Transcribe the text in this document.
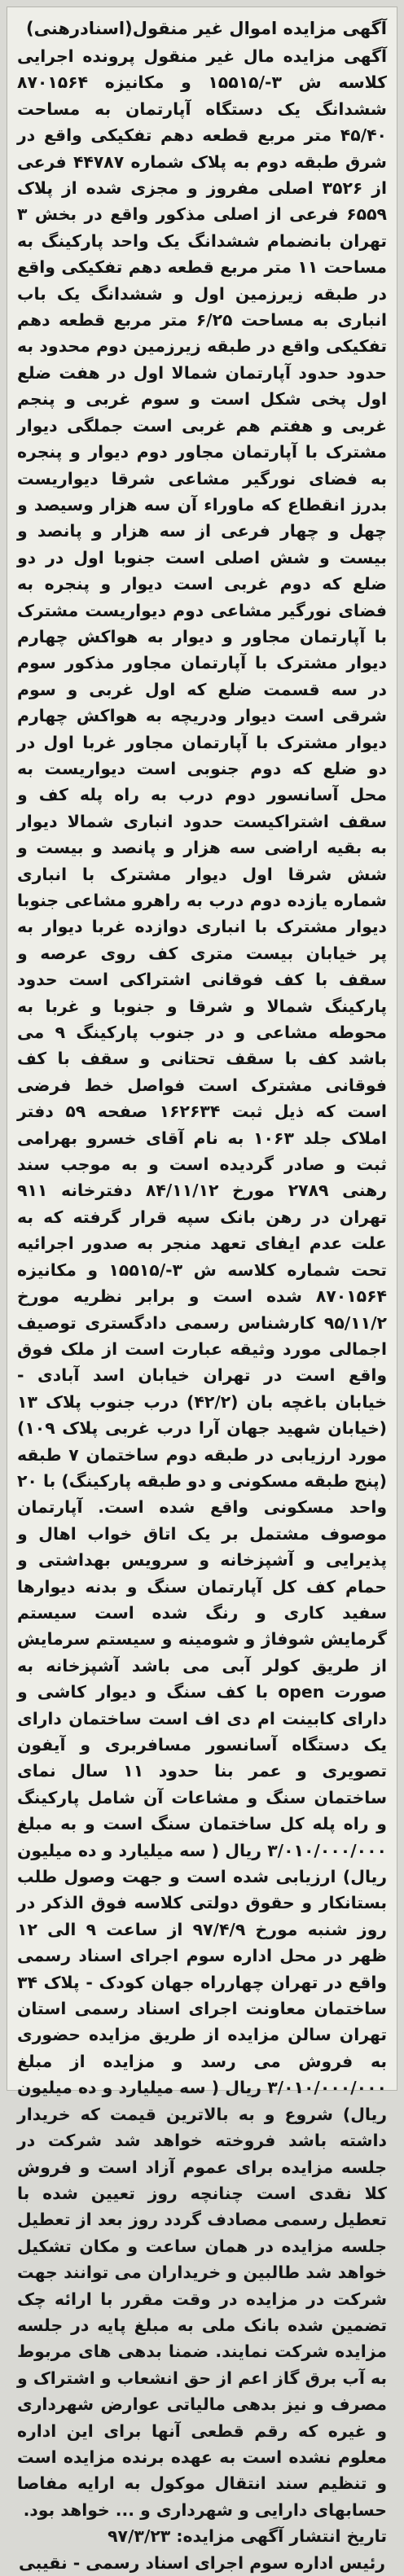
آگهی مزایده اموال غیر منقول(اسنادرهنی)

آگهی مزایده مال غیر منقول پرونده اجرایی کلاسه ش ۳-/۱۵۵۱۵ و مکانیزه ۸۷۰۱۵۶۴ ششدانگ یک دستگاه آپارتمان به مساحت ۴۵/۴۰ متر مربع قطعه دهم تفکیکی واقع در شرق طبقه دوم به پلاک شماره ۴۴۷۸۷ فرعی از ۳۵۲۶ اصلی مفروز و مجزی شده از پلاک ۶۵۵۹ فرعی از اصلی مذکور واقع در بخش ۳ تهران بانضمام ششدانگ یک واحد پارکینگ به مساحت ۱۱ متر مربع قطعه دهم تفکیکی واقع در طبقه زیرزمین اول و ششدانگ یک باب انباری به مساحت ۶/۲۵ متر مربع قطعه دهم تفکیکی واقع در طبقه زیرزمین دوم محدود به حدود حدود آپارتمان شمالا اول در هفت ضلع اول پخی شکل است و سوم غربی و پنجم غربی و هفتم هم غربی است جملگی دیوار مشترک با آپارتمان مجاور دوم دیوار و پنجره به فضای نورگیر مشاعی شرقا دیواریست بدرز انقطاع که ماوراء آن سه هزار وسیصد و چهل و چهار فرعی از سه هزار و پانصد و بیست و شش اصلی است جنوبا اول در دو ضلع که دوم غربی است دیوار و پنجره به فضای نورگیر مشاعی دوم دیواریست مشترک با آپارتمان مجاور و دیوار به هواکش چهارم دیوار مشترک با آپارتمان مجاور مذکور سوم در سه قسمت ضلع که اول غربی و سوم شرقی است دیوار ودریچه به هواکش چهارم دیوار مشترک با آپارتمان مجاور غربا اول در دو ضلع که دوم جنوبی است دیواریست به محل آسانسور دوم درب به راه پله کف و سقف اشتراکیست حدود انباری شمالا دیوار به بقیه اراضی سه هزار و پانصد و بیست و شش شرقا اول دیوار مشترک با انباری شماره یازده دوم درب به راهرو مشاعی جنوبا دیوار مشترک با انباری دوازده غربا دیوار به پر خیابان بیست متری کف روی عرصه و سقف با کف فوقانی اشتراکی است حدود پارکینگ شمالا و شرقا و جنوبا و غربا به محوطه مشاعی و در جنوب پارکینگ ۹ می باشد کف با سقف تحتانی و سقف با کف فوقانی مشترک است فواصل خط فرضی است که ذیل ثبت ۱۶۲۶۳۴ صفحه ۵۹ دفتر املاک جلد ۱۰۶۳ به نام آقای خسرو بهرامی ثبت و صادر گردیده است و به موجب سند رهنی ۲۷۸۹ مورخ ۸۴/۱۱/۱۲ دفترخانه ۹۱۱ تهران در رهن بانک سپه قرار گرفته که به علت عدم ایفای تعهد منجر به صدور اجرائیه تحت شماره کلاسه ش ۳-/۱۵۵۱۵ و مکانیزه ۸۷۰۱۵۶۴ شده است و برابر نظریه مورخ ۹۵/۱۱/۲ کارشناس رسمی دادگستری توصیف اجمالی مورد وثیقه عبارت است از ملک فوق واقع است در تهران خیابان اسد آبادی - خیابان باغچه بان (۴۲/۲) درب جنوب پلاک ۱۳ (خیابان شهید جهان آرا درب غربی پلاک ۱۰۹) مورد ارزیابی در طبقه دوم ساختمان ۷ طبقه (پنج طبقه مسکونی و دو طبقه پارکینگ) با ۲۰ واحد مسکونی واقع شده است. آپارتمان موصوف مشتمل بر یک اتاق خواب اهال و پذیرایی و آشپزخانه و سرویس بهداشتی و حمام کف کل آپارتمان سنگ و بدنه دیوارها سفید کاری و رنگ شده است سیستم گرمایش شوفاژ و شومینه و سیستم سرمایش از طریق کولر آبی می باشد آشپزخانه به صورت open با کف سنگ و دیوار کاشی و دارای کابینت ام دی اف است ساختمان دارای یک دستگاه آسانسور مسافربری و آیفون تصویری و عمر بنا حدود ۱۱ سال نمای ساختمان سنگ و مشاعات آن شامل پارکینگ و راه پله کل ساختمان سنگ است و به مبلغ ۳/۰۱۰/۰۰۰/۰۰۰ ریال ( سه میلیارد و ده میلیون ریال) ارزیابی شده است و جهت وصول طلب بستانکار و حقوق دولتی کلاسه فوق الذکر در روز شنبه مورخ ۹۷/۴/۹ از ساعت ۹ الی ۱۲ ظهر در محل اداره سوم اجرای اسناد رسمی واقع در تهران چهارراه جهان کودک - پلاک ۳۴ ساختمان معاونت اجرای اسناد رسمی استان تهران سالن مزایده از طریق مزایده حضوری به فروش می رسد و مزایده از مبلغ ۳/۰۱۰/۰۰۰/۰۰۰ ریال ( سه میلیارد و ده میلیون ریال) شروع و به بالاترین قیمت که خریدار داشته باشد فروخته خواهد شد شرکت در جلسه مزایده برای عموم آزاد است و فروش کلا نقدی است چنانچه روز تعیین شده با تعطیل رسمی مصادف گردد روز بعد از تعطیل جلسه مزایده در همان ساعت و مکان تشکیل خواهد شد طالبین و خریداران می توانند جهت شرکت در مزایده در وقت مقرر با ارائه چک تضمین شده بانک ملی به مبلغ پایه در جلسه مزایده شرکت نمایند. ضمنا بدهی های مربوط به آب برق گاز اعم از حق انشعاب و اشتراک و مصرف و نیز بدهی مالیاتی عوارض شهرداری و غیره که رقم قطعی آنها برای این اداره معلوم نشده است به عهده برنده مزایده است و تنظیم سند انتقال موکول به ارایه مفاصا حسابهای دارایی و شهرداری و ... خواهد بود.

تاریخ انتشار آگهی مزایده: ۹۷/۳/۲۳
رئیس اداره سوم اجرای اسناد رسمی - نقیبی
